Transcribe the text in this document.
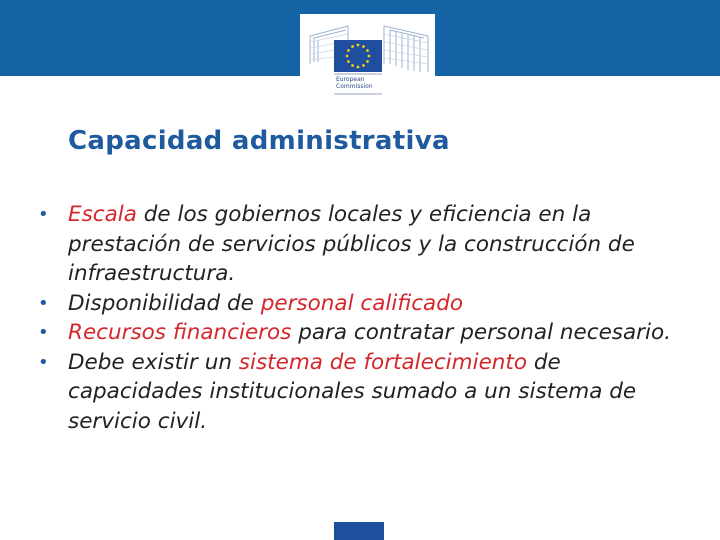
European
Commission
Capacidad administrativa
• Escala de los gobiernos locales y eficiencia en la prestación de servicios públicos y la construcción de infraestructura.
• Disponibilidad de personal calificado
• Recursos financieros para contratar personal necesario.
• Debe existir un sistema de fortalecimiento de capacidades institucionales sumado a un sistema de servicio civil.
